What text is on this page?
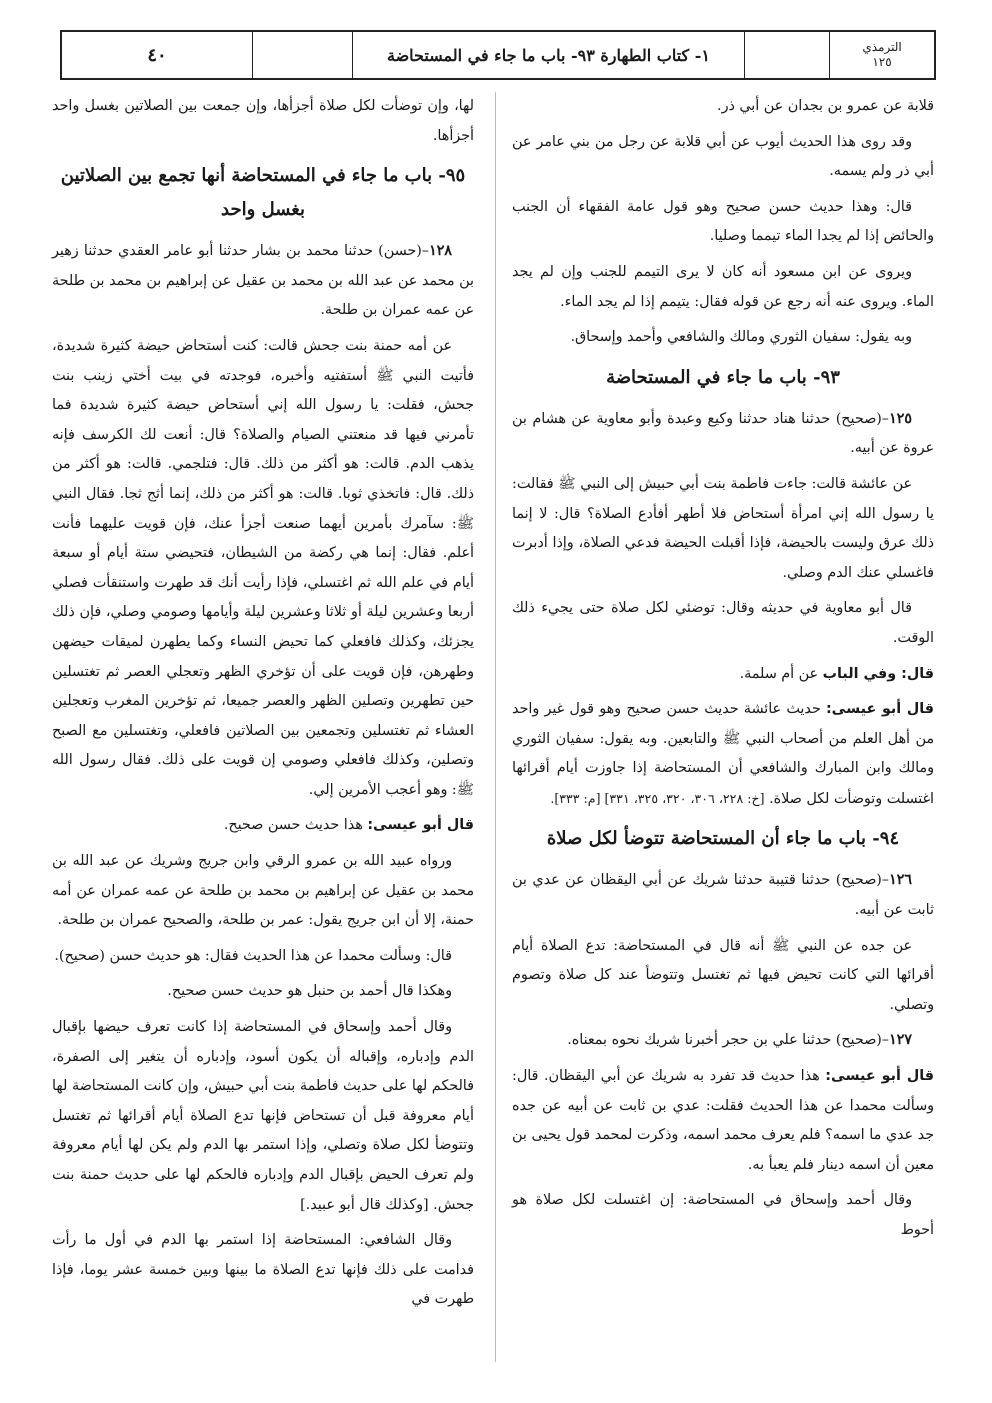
الترمذي
١٢٥
١- كتاب الطهارة ٩٣- باب ما جاء في المستحاضة
٤٠

قلابة عن عمرو بن بجدان عن أبي ذر.

وقد روى هذا الحديث أيوب عن أبي قلابة عن رجل من بني عامر عن أبي ذر ولم يسمه.

قال: وهذا حديث حسن صحيح وهو قول عامة الفقهاء أن الجنب والحائض إذا لم يجدا الماء تيمما وصليا.

ويروى عن ابن مسعود أنه كان لا يرى التيمم للجنب وإن لم يجد الماء. ويروى عنه أنه رجع عن قوله فقال: يتيمم إذا لم يجد الماء.

وبه يقول: سفيان الثوري ومالك والشافعي وأحمد وإسحاق.

٩٣- باب ما جاء في المستحاضة

١٢٥–(صحيح) حدثنا هناد حدثنا وكيع وعبدة وأبو معاوية عن هشام بن عروة عن أبيه.

عن عائشة قالت: جاءت فاطمة بنت أبي حبيش إلى النبي ﷺ فقالت: يا رسول الله إني امرأة أستحاض فلا أطهر أفأدع الصلاة؟ قال: لا إنما ذلك عرق وليست بالحيضة، فإذا أقبلت الحيضة فدعي الصلاة، وإذا أدبرت فاغسلي عنك الدم وصلي.

قال أبو معاوية في حديثه وقال: توضئي لكل صلاة حتى يجيء ذلك الوقت.

قال: وفي الباب عن أم سلمة.

قال أبو عيسى: حديث عائشة حديث حسن صحيح وهو قول غير واحد من أهل العلم من أصحاب النبي ﷺ والتابعين. وبه يقول: سفيان الثوري ومالك وابن المبارك والشافعي أن المستحاضة إذا جاوزت أيام أقرائها اغتسلت وتوضأت لكل صلاة. [خ: ٢٢٨، ٣٠٦، ٣٢٠، ٣٢٥، ٣٣١] [م: ٣٣٣].

٩٤- باب ما جاء أن المستحاضة تتوضأ لكل صلاة

١٢٦–(صحيح) حدثنا قتيبة حدثنا شريك عن أبي اليقظان عن عدي بن ثابت عن أبيه.

عن جده عن النبي ﷺ أنه قال في المستحاضة: تدع الصلاة أيام أقرائها التي كانت تحيض فيها ثم تغتسل وتتوضأ عند كل صلاة وتصوم وتصلي.

١٢٧–(صحيح) حدثنا علي بن حجر أخبرنا شريك نحوه بمعناه.

قال أبو عيسى: هذا حديث قد تفرد به شريك عن أبي اليقظان. قال: وسألت محمدا عن هذا الحديث فقلت: عدي بن ثابت عن أبيه عن جده جد عدي ما اسمه؟ فلم يعرف محمد اسمه، وذكرت لمحمد قول يحيى بن معين أن اسمه دينار فلم يعبأ به.

وقال أحمد وإسحاق في المستحاضة: إن اغتسلت لكل صلاة هو أحوط

لها، وإن توضأت لكل صلاة أجزأها، وإن جمعت بين الصلاتين بغسل واحد أجزأها.

٩٥- باب ما جاء في المستحاضة أنها تجمع بين الصلاتين بغسل واحد

١٢٨–(حسن) حدثنا محمد بن بشار حدثنا أبو عامر العقدي حدثنا زهير بن محمد عن عبد الله بن محمد بن عقيل عن إبراهيم بن محمد بن طلحة عن عمه عمران بن طلحة.

عن أمه حمنة بنت جحش قالت: كنت أستحاض حيضة كثيرة شديدة، فأتيت النبي ﷺ أستفتيه وأخبره، فوجدته في بيت أختي زينب بنت جحش، فقلت: يا رسول الله إني أستحاض حيضة كثيرة شديدة فما تأمرني فيها قد منعتني الصيام والصلاة؟ قال: أنعت لك الكرسف فإنه يذهب الدم. قالت: هو أكثر من ذلك. قال: فتلجمي. قالت: هو أكثر من ذلك. قال: فاتخذي ثوبا. قالت: هو أكثر من ذلك، إنما أثج ثجا. فقال النبي ﷺ: سآمرك بأمرين أيهما صنعت أجزأ عنك، فإن قويت عليهما فأنت أعلم. فقال: إنما هي ركضة من الشيطان، فتحيضي ستة أيام أو سبعة أيام في علم الله ثم اغتسلي، فإذا رأيت أنك قد طهرت واستنقأت فصلي أربعا وعشرين ليلة أو ثلاثا وعشرين ليلة وأيامها وصومي وصلي، فإن ذلك يجزئك، وكذلك فافعلي كما تحيض النساء وكما يطهرن لميقات حيضهن وطهرهن، فإن قويت على أن تؤخري الظهر وتعجلي العصر ثم تغتسلين حين تطهرين وتصلين الظهر والعصر جميعا، ثم تؤخرين المغرب وتعجلين العشاء ثم تغتسلين وتجمعين بين الصلاتين فافعلي، وتغتسلين مع الصبح وتصلين، وكذلك فافعلي وصومي إن قويت على ذلك. فقال رسول الله ﷺ: وهو أعجب الأمرين إلي.

قال أبو عيسى: هذا حديث حسن صحيح.

ورواه عبيد الله بن عمرو الرقي وابن جريج وشريك عن عبد الله بن محمد بن عقيل عن إبراهيم بن محمد بن طلحة عن عمه عمران عن أمه حمنة، إلا أن ابن جريج يقول: عمر بن طلحة، والصحيح عمران بن طلحة.

قال: وسألت محمدا عن هذا الحديث فقال: هو حديث حسن (صحيح).

وهكذا قال أحمد بن حنبل هو حديث حسن صحيح.

وقال أحمد وإسحاق في المستحاضة إذا كانت تعرف حيضها بإقبال الدم وإدباره، وإقباله أن يكون أسود، وإدباره أن يتغير إلى الصفرة، فالحكم لها على حديث فاطمة بنت أبي حبيش، وإن كانت المستحاضة لها أيام معروفة قبل أن تستحاض فإنها تدع الصلاة أيام أقرائها ثم تغتسل وتتوضأ لكل صلاة وتصلي، وإذا استمر بها الدم ولم يكن لها أيام معروفة ولم تعرف الحيض بإقبال الدم وإدباره فالحكم لها على حديث حمنة بنت جحش. [وكذلك قال أبو عبيد.]

وقال الشافعي: المستحاضة إذا استمر بها الدم في أول ما رأت فدامت على ذلك فإنها تدع الصلاة ما بينها وبين خمسة عشر يوما، فإذا طهرت في
